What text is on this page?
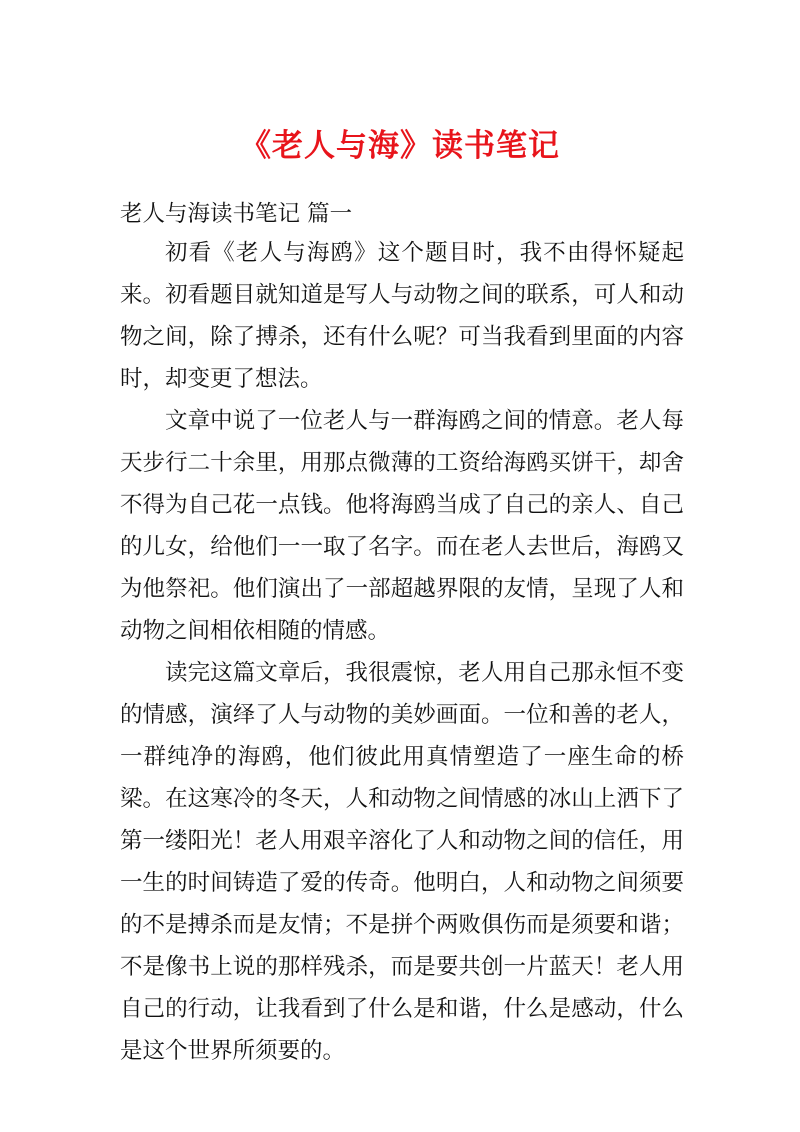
《老人与海》读书笔记

老人与海读书笔记 篇一

初看《老人与海鸥》这个题目时，我不由得怀疑起来。初看题目就知道是写人与动物之间的联系，可人和动物之间，除了搏杀，还有什么呢？可当我看到里面的内容时，却变更了想法。

文章中说了一位老人与一群海鸥之间的情意。老人每天步行二十余里，用那点微薄的工资给海鸥买饼干，却舍不得为自己花一点钱。他将海鸥当成了自己的亲人、自己的儿女，给他们一一取了名字。而在老人去世后，海鸥又为他祭祀。他们演出了一部超越界限的友情，呈现了人和动物之间相依相随的情感。

读完这篇文章后，我很震惊，老人用自己那永恒不变的情感，演绎了人与动物的美妙画面。一位和善的老人，一群纯净的海鸥，他们彼此用真情塑造了一座生命的桥梁。在这寒冷的冬天，人和动物之间情感的冰山上洒下了第一缕阳光！老人用艰辛溶化了人和动物之间的信任，用一生的时间铸造了爱的传奇。他明白，人和动物之间须要的不是搏杀而是友情；不是拼个两败俱伤而是须要和谐；不是像书上说的那样残杀，而是要共创一片蓝天！老人用自己的行动，让我看到了什么是和谐，什么是感动，什么是这个世界所须要的。
